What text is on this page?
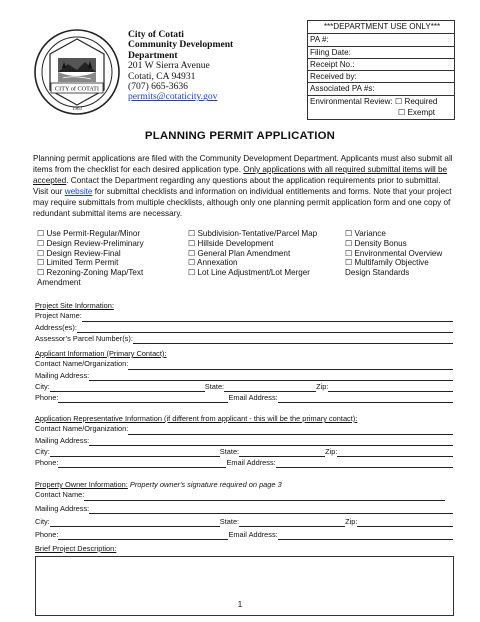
CITY of COTATI
1963
City of Cotati
Community Development
Department
201 W Sierra Avenue
Cotati, CA 94931
(707) 665-3636
permits@cotaticity.gov
***DEPARTMENT USE ONLY***
PA #:
Filing Date:
Receipt No.:
Received by:
Associated PA #s:
Environmental Review: ☐ Required
☐ Exempt
PLANNING PERMIT APPLICATION
Planning permit applications are filed with the Community Development Department. Applicants must also submit all items from the checklist for each desired application type. Only applications with all required submittal items will be accepted. Contact the Department regarding any questions about the application requirements prior to submittal. Visit our website for submittal checklists and information on individual entitlements and forms. Note that your project may require submittals from multiple checklists, although only one planning permit application form and one copy of redundant submittal items are necessary.
☐ Use Permit-Regular/Minor
☐ Design Review-Preliminary
☐ Design Review-Final
☐ Limited Term Permit
☐ Rezoning-Zoning Map/Text
Amendment
☐ Subdivision-Tentative/Parcel Map
☐ Hillside Development
☐ General Plan Amendment
☐ Annexation
☐ Lot Line Adjustment/Lot Merger
☐ Variance
☐ Density Bonus
☐ Environmental Overview
☐ Multifamily Objective Design Standards
Project Site Information:
Project Name:
Address(es):
Assessor’s Parcel Number(s):
Applicant Information (Primary Contact):
Contact Name/Organization:
Mailing Address:
City:	State:	Zip:
Phone:	Email Address:
Application Representative Information (if different from applicant - this will be the primary contact):
Contact Name/Organization:
Mailing Address:
City:	State:	Zip:
Phone:	Email Address:
Property Owner Information: Property owner's signature required on page 3
Contact Name:
Mailing Address:
City:	State:	Zip:
Phone:	Email Address:
Brief Project Description:
1
